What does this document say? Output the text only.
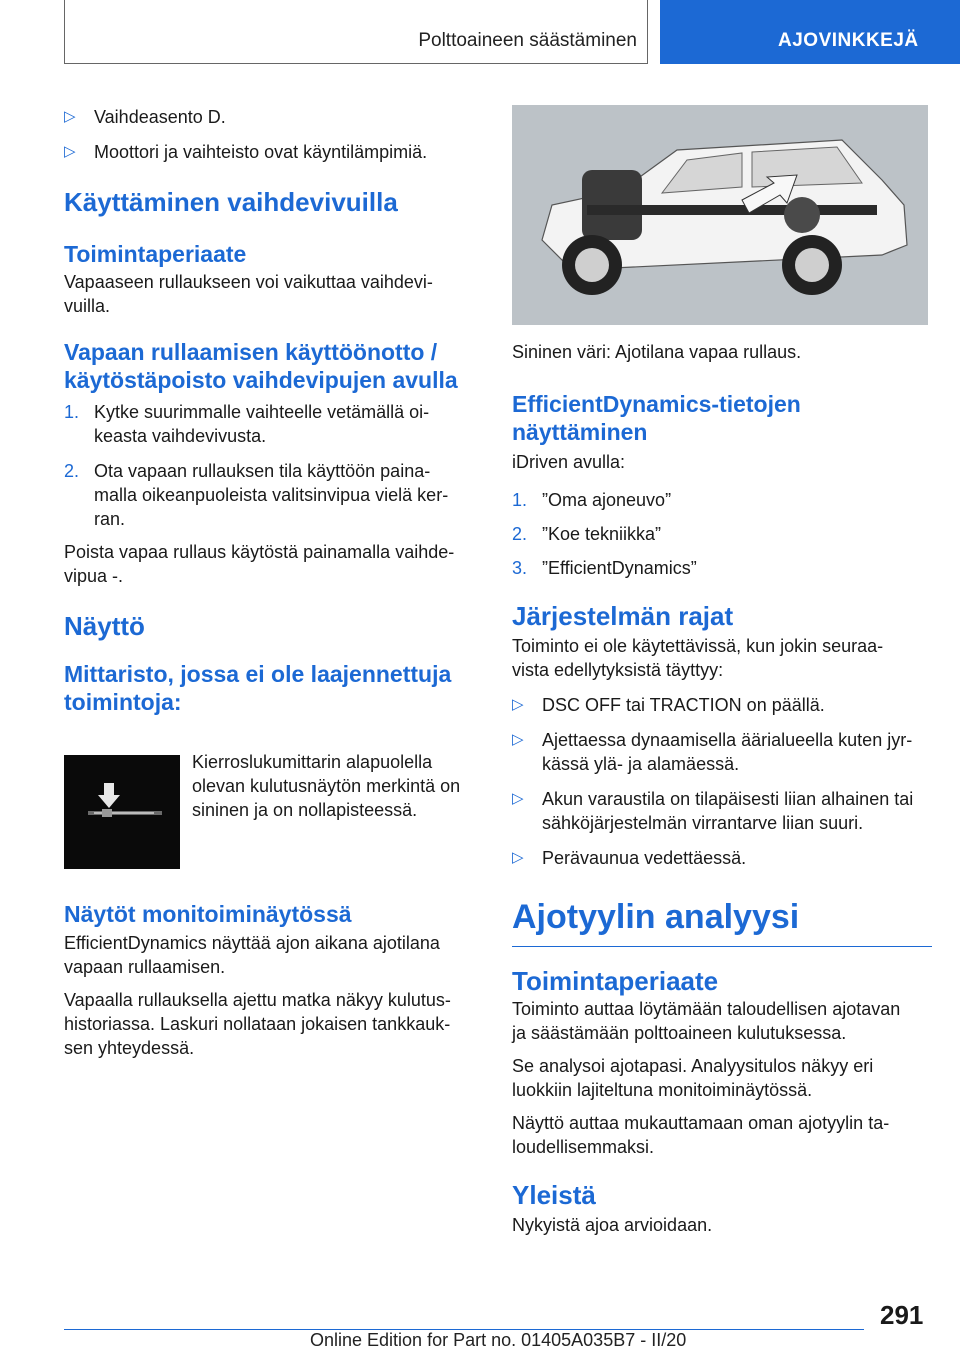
Polttoaineen säästäminen	AJOVINKKEJÄ
▷ Vaihdeasento D.
▷ Moottori ja vaihteisto ovat käyntilämpimiä.
Käyttäminen vaihdevivuilla
Toimintaperiaate

Vapaaseen rullaukseen voi vaikuttaa vaihdevi-
vuilla.

Vapaan rullaamisen käyttöönotto /
käytöstäpoisto vaihdevipujen avulla
1. Kytke suurimmalle vaihteelle vetämällä oi-
keasta vaihdevivusta.
2. Ota vapaan rullauksen tila käyttöön paina-
malla oikeanpuoleista valitsinvipua vielä ker-
ran.

Poista vapaa rullaus käytöstä painamalla vaihde-
vipua -.

Näyttö
Mittaristo, jossa ei ole laajennettuja
toimintoja:
Kierroslukumittarin alapuolella
olevan kulutusnäytön merkintä on
sininen ja on nollapisteessä.
Näytöt monitoiminäytössä

EfficientDynamics näyttää ajon aikana ajotilana
vapaan rullaamisen.

Vapaalla rullauksella ajettu matka näkyy kulutus-
historiassa. Laskuri nollataan jokaisen tankkauk-
sen yhteydessä.

Sininen väri: Ajotilana vapaa rullaus.

EfficientDynamics-tietojen
näyttäminen

iDriven avulla:

1. ”Oma ajoneuvo”
2. ”Koe tekniikka”
3. ”EfficientDynamics”
Järjestelmän rajat

Toiminto ei ole käytettävissä, kun jokin seuraa-
vista edellytyksistä täyttyy:

▷ DSC OFF tai TRACTION on päällä.
▷ Ajettaessa dynaamisella äärialueella kuten jyr-
kässä ylä- ja alamäessä.
▷ Akun varaustila on tilapäisesti liian alhainen tai
sähköjärjestelmän virrantarve liian suuri.
▷ Perävaunua vedettäessä.
Ajotyylin analyysi
Toimintaperiaate

Toiminto auttaa löytämään taloudellisen ajotavan
ja säästämään polttoaineen kulutuksessa.

Se analysoi ajotapasi. Analyysitulos näkyy eri
luokkiin lajiteltuna monitoiminäytössä.

Näyttö auttaa mukauttamaan oman ajotyylin ta-
loudellisemmaksi.

Yleistä

Nykyistä ajoa arvioidaan.

291
Online Edition for Part no. 01405A035B7 - II/20
